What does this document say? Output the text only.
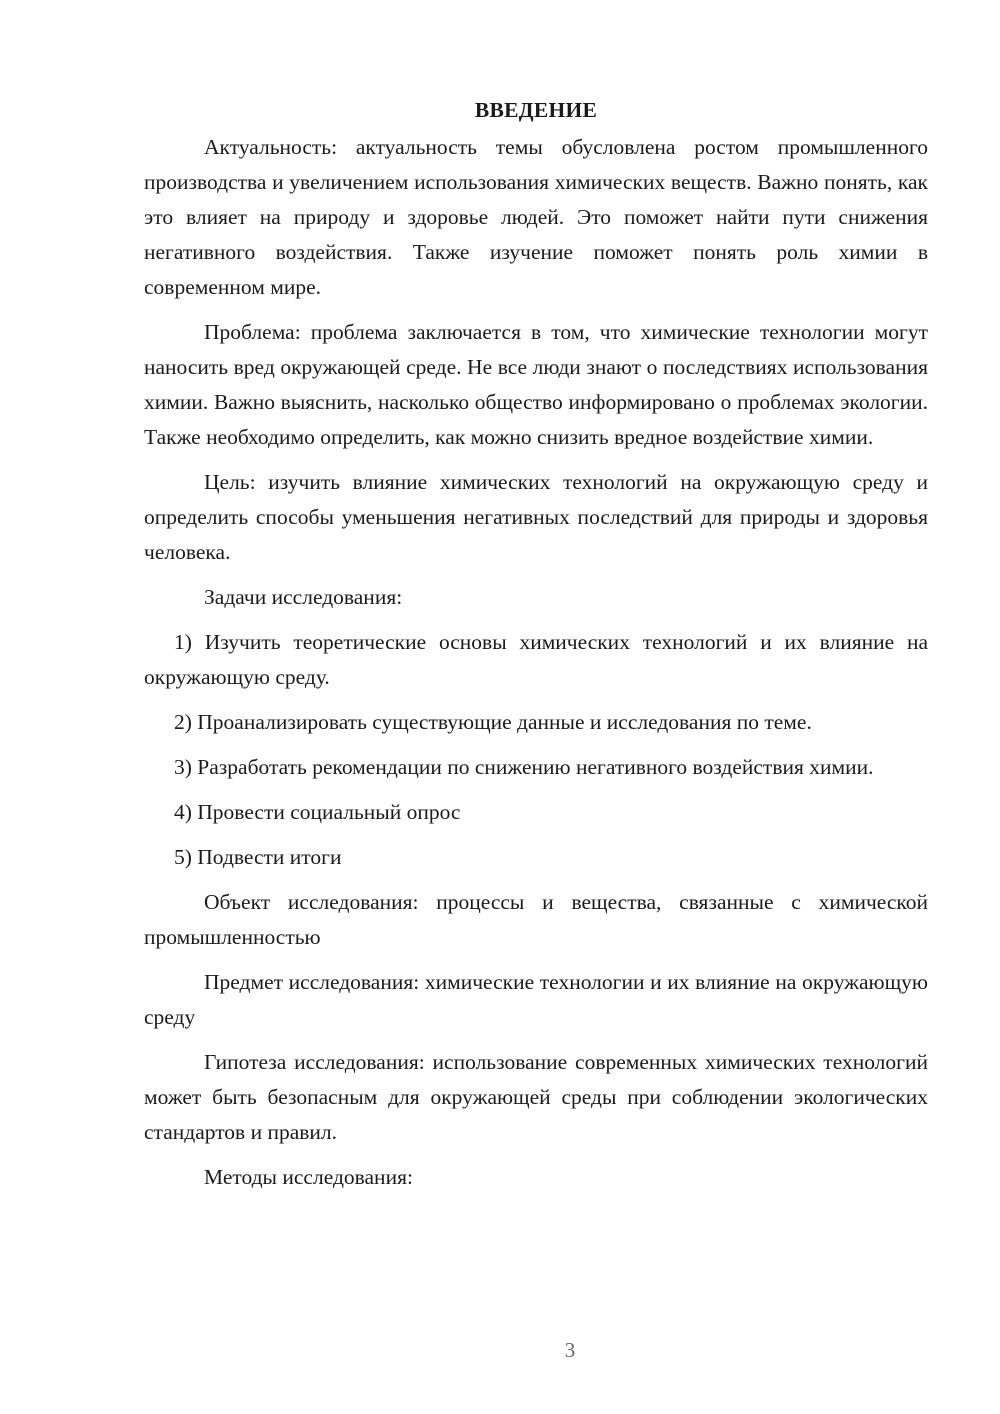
ВВЕДЕНИЕ

Актуальность: актуальность темы обусловлена ростом промышленного производства и увеличением использования химических веществ. Важно понять, как это влияет на природу и здоровье людей. Это поможет найти пути снижения негативного воздействия. Также изучение поможет понять роль химии в современном мире.

Проблема: проблема заключается в том, что химические технологии могут наносить вред окружающей среде. Не все люди знают о последствиях использования химии. Важно выяснить, насколько общество информировано о проблемах экологии. Также необходимо определить, как можно снизить вредное воздействие химии.

Цель: изучить влияние химических технологий на окружающую среду и определить способы уменьшения негативных последствий для природы и здоровья человека.

Задачи исследования:

1) Изучить теоретические основы химических технологий и их влияние на окружающую среду.

2) Проанализировать существующие данные и исследования по теме.

3) Разработать рекомендации по снижению негативного воздействия химии.

4) Провести социальный опрос

5) Подвести итоги

Объект исследования: процессы и вещества, связанные с химической промышленностью

Предмет исследования: химические технологии и их влияние на окружающую среду

Гипотеза исследования: использование современных химических технологий может быть безопасным для окружающей среды при соблюдении экологических стандартов и правил.

Методы исследования:

3
